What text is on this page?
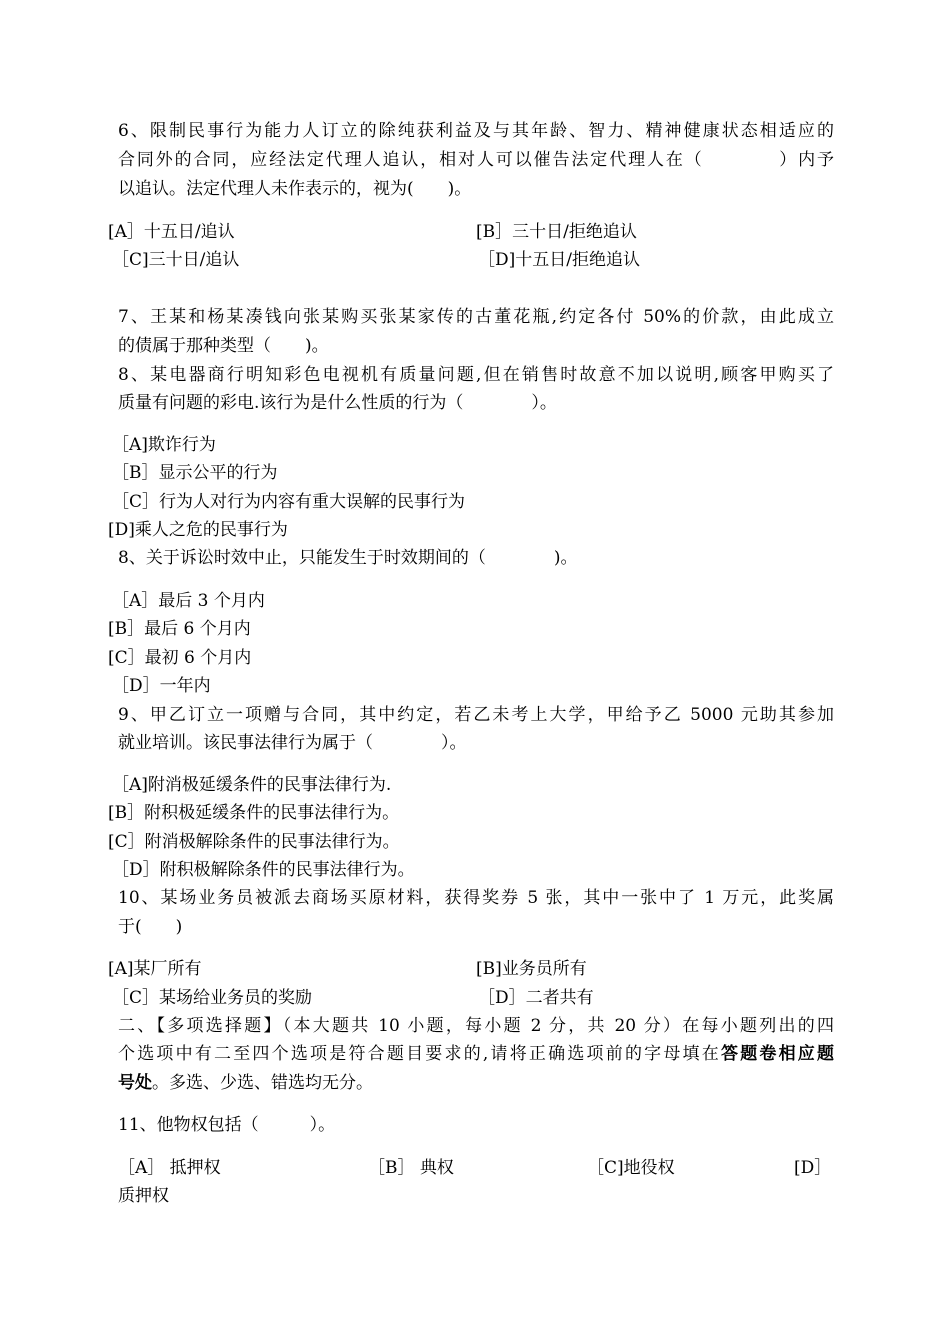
6、限制民事行为能力人订立的除纯获利益及与其年龄、智力、精神健康状态相适应的
合同外的合同，应经法定代理人追认，相对人可以催告法定代理人在（　　　　）内予
以追认。法定代理人未作表示的，视为(　　)。
[A］十五日/追认	[B］三十日/拒绝追认
［C]三十日/追认	［D]十五日/拒绝追认
7、王某和杨某凑钱向张某购买张某家传的古董花瓶,约定各付 50%的价款，由此成立
的债属于那种类型（　　)。
8、某电器商行明知彩色电视机有质量问题,但在销售时故意不加以说明,顾客甲购买了
质量有问题的彩电.该行为是什么性质的行为（　　　　）。
［A]欺诈行为
［B］显示公平的行为
［C］行为人对行为内容有重大误解的民事行为
[D]乘人之危的民事行为
8、关于诉讼时效中止，只能发生于时效期间的（　　　　)。
［A］最后 3 个月内
[B］最后 6 个月内
[C］最初 6 个月内
［D］一年内
9、甲乙订立一项赠与合同，其中约定，若乙未考上大学，甲给予乙 5000 元助其参加
就业培训。该民事法律行为属于（　　　　）。
［A]附消极延缓条件的民事法律行为.
[B］附积极延缓条件的民事法律行为。
[C］附消极解除条件的民事法律行为。
［D］附积极解除条件的民事法律行为。
10、某场业务员被派去商场买原材料，获得奖券 5 张，其中一张中了 1 万元，此奖属
于(　　)
[A]某厂所有	[B]业务员所有
［C］某场给业务员的奖励	［D］二者共有
二、【多项选择题】（本大题共 10 小题，每小题 2 分，共 20 分）在每小题列出的四
个选项中有二至四个选项是符合题目要求的,请将正确选项前的字母填在答题卷相应题
号处。多选、少选、错选均无分。
11、他物权包括（　　　）。
［A］ 抵押权	［B］ 典权	［C]地役权	[D］
质押权
